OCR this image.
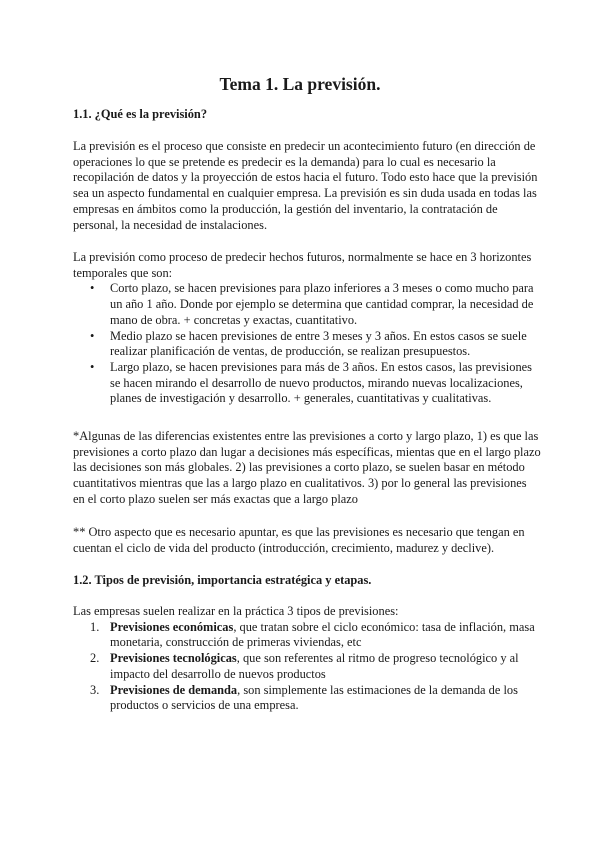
Tema 1. La previsión.
1.1. ¿Qué es la previsión?
La previsión es el proceso que consiste en predecir un acontecimiento futuro (en dirección de
operaciones lo que se pretende es predecir es la demanda) para lo cual es necesario la
recopilación de datos y la proyección de estos hacia el futuro. Todo esto hace que la previsión
sea un aspecto fundamental en cualquier empresa. La previsión es sin duda usada en todas las
empresas en ámbitos como la producción, la gestión del inventario, la contratación de
personal, la necesidad de instalaciones.
La previsión como proceso de predecir hechos futuros, normalmente se hace en 3 horizontes
temporales que son:
• Corto plazo, se hacen previsiones para plazo inferiores a 3 meses o como mucho para
un año 1 año. Donde por ejemplo se determina que cantidad comprar, la necesidad de
mano de obra. + concretas y exactas, cuantitativo.
• Medio plazo se hacen previsiones de entre 3 meses y 3 años. En estos casos se suele
realizar planificación de ventas, de producción, se realizan presupuestos.
• Largo plazo, se hacen previsiones para más de 3 años. En estos casos, las previsiones
se hacen mirando el desarrollo de nuevo productos, mirando nuevas localizaciones,
planes de investigación y desarrollo. + generales, cuantitativas y cualitativas.
*Algunas de las diferencias existentes entre las previsiones a corto y largo plazo, 1) es que las
previsiones a corto plazo dan lugar a decisiones más específicas, mientas que en el largo plazo
las decisiones son más globales. 2) las previsiones a corto plazo, se suelen basar en método
cuantitativos mientras que las a largo plazo en cualitativos. 3) por lo general las previsiones
en el corto plazo suelen ser más exactas que a largo plazo
** Otro aspecto que es necesario apuntar, es que las previsiones es necesario que tengan en
cuentan el ciclo de vida del producto (introducción, crecimiento, madurez y declive).
1.2. Tipos de previsión, importancia estratégica y etapas.
Las empresas suelen realizar en la práctica 3 tipos de previsiones:
1. Previsiones económicas, que tratan sobre el ciclo económico: tasa de inflación, masa
monetaria, construcción de primeras viviendas, etc
2. Previsiones tecnológicas, que son referentes al ritmo de progreso tecnológico y al
impacto del desarrollo de nuevos productos
3. Previsiones de demanda, son simplemente las estimaciones de la demanda de los
productos o servicios de una empresa.
